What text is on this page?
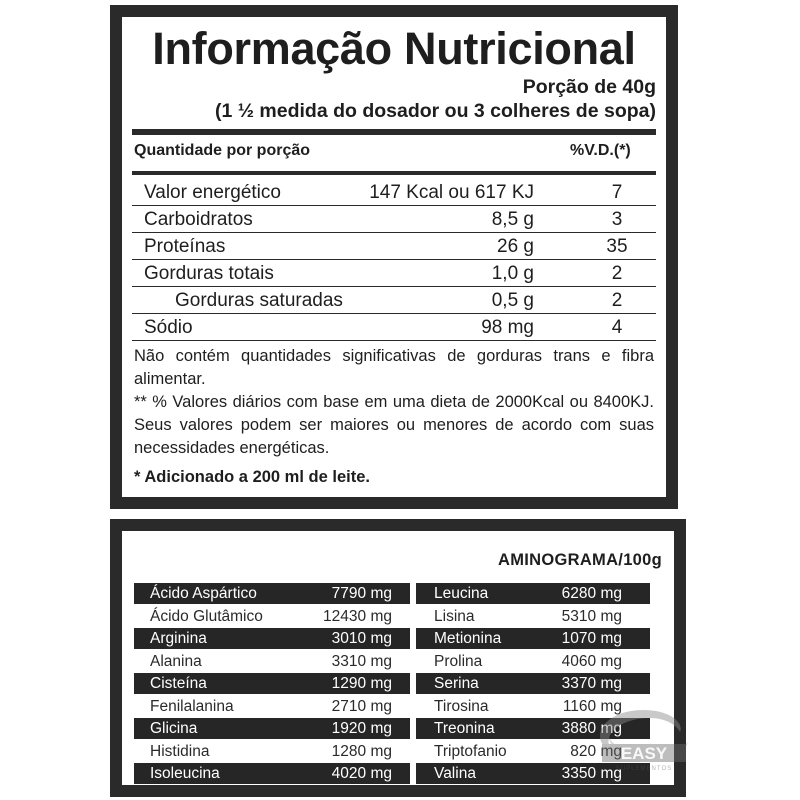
Informação Nutricional
Porção de 40g
(1 ½ medida do dosador ou 3 colheres de sopa)
Quantidade por porção	%V.D.(*)
Valor energético	147 Kcal ou 617 KJ	7
Carboidratos	8,5 g	3
Proteínas	26 g	35
Gorduras totais	1,0 g	2
Gorduras saturadas	0,5 g	2
Sódio	98 mg	4

Não contém quantidades significativas de gorduras trans e fibra alimentar.

** % Valores diários com base em uma dieta de 2000Kcal ou 8400KJ. Seus valores podem ser maiores ou menores de acordo com suas necessidades energéticas.

* Adicionado a 200 ml de leite.

AMINOGRAMA/100g
Ácido Aspártico	7790 mg	Leucina	6280 mg
Ácido Glutâmico	12430 mg	Lisina	5310 mg
Arginina	3010 mg	Metionina	1070 mg
Alanina	3310 mg	Prolina	4060 mg
Cisteína	1290 mg	Serina	3370 mg
Fenilalanina	2710 mg	Tirosina	1160 mg
Glicina	1920 mg	Treonina	3880 mg
Histidina	1280 mg	Triptofanio	820 mg
Isoleucina	4020 mg	Valina	3350 mg
EASY
SUPLEMENTOS
